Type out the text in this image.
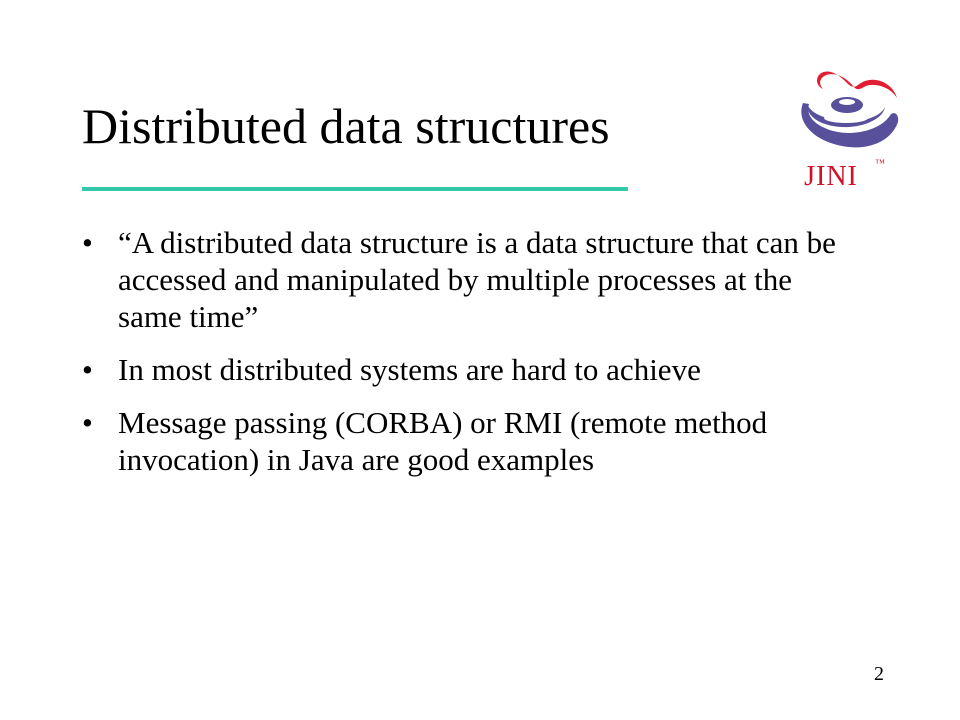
Distributed data structures
JINI ™
• “A distributed data structure is a data structure that can be accessed and manipulated by multiple processes at the same time”
• In most distributed systems are hard to achieve
• Message passing (CORBA) or RMI (remote method invocation) in Java are good examples
2
